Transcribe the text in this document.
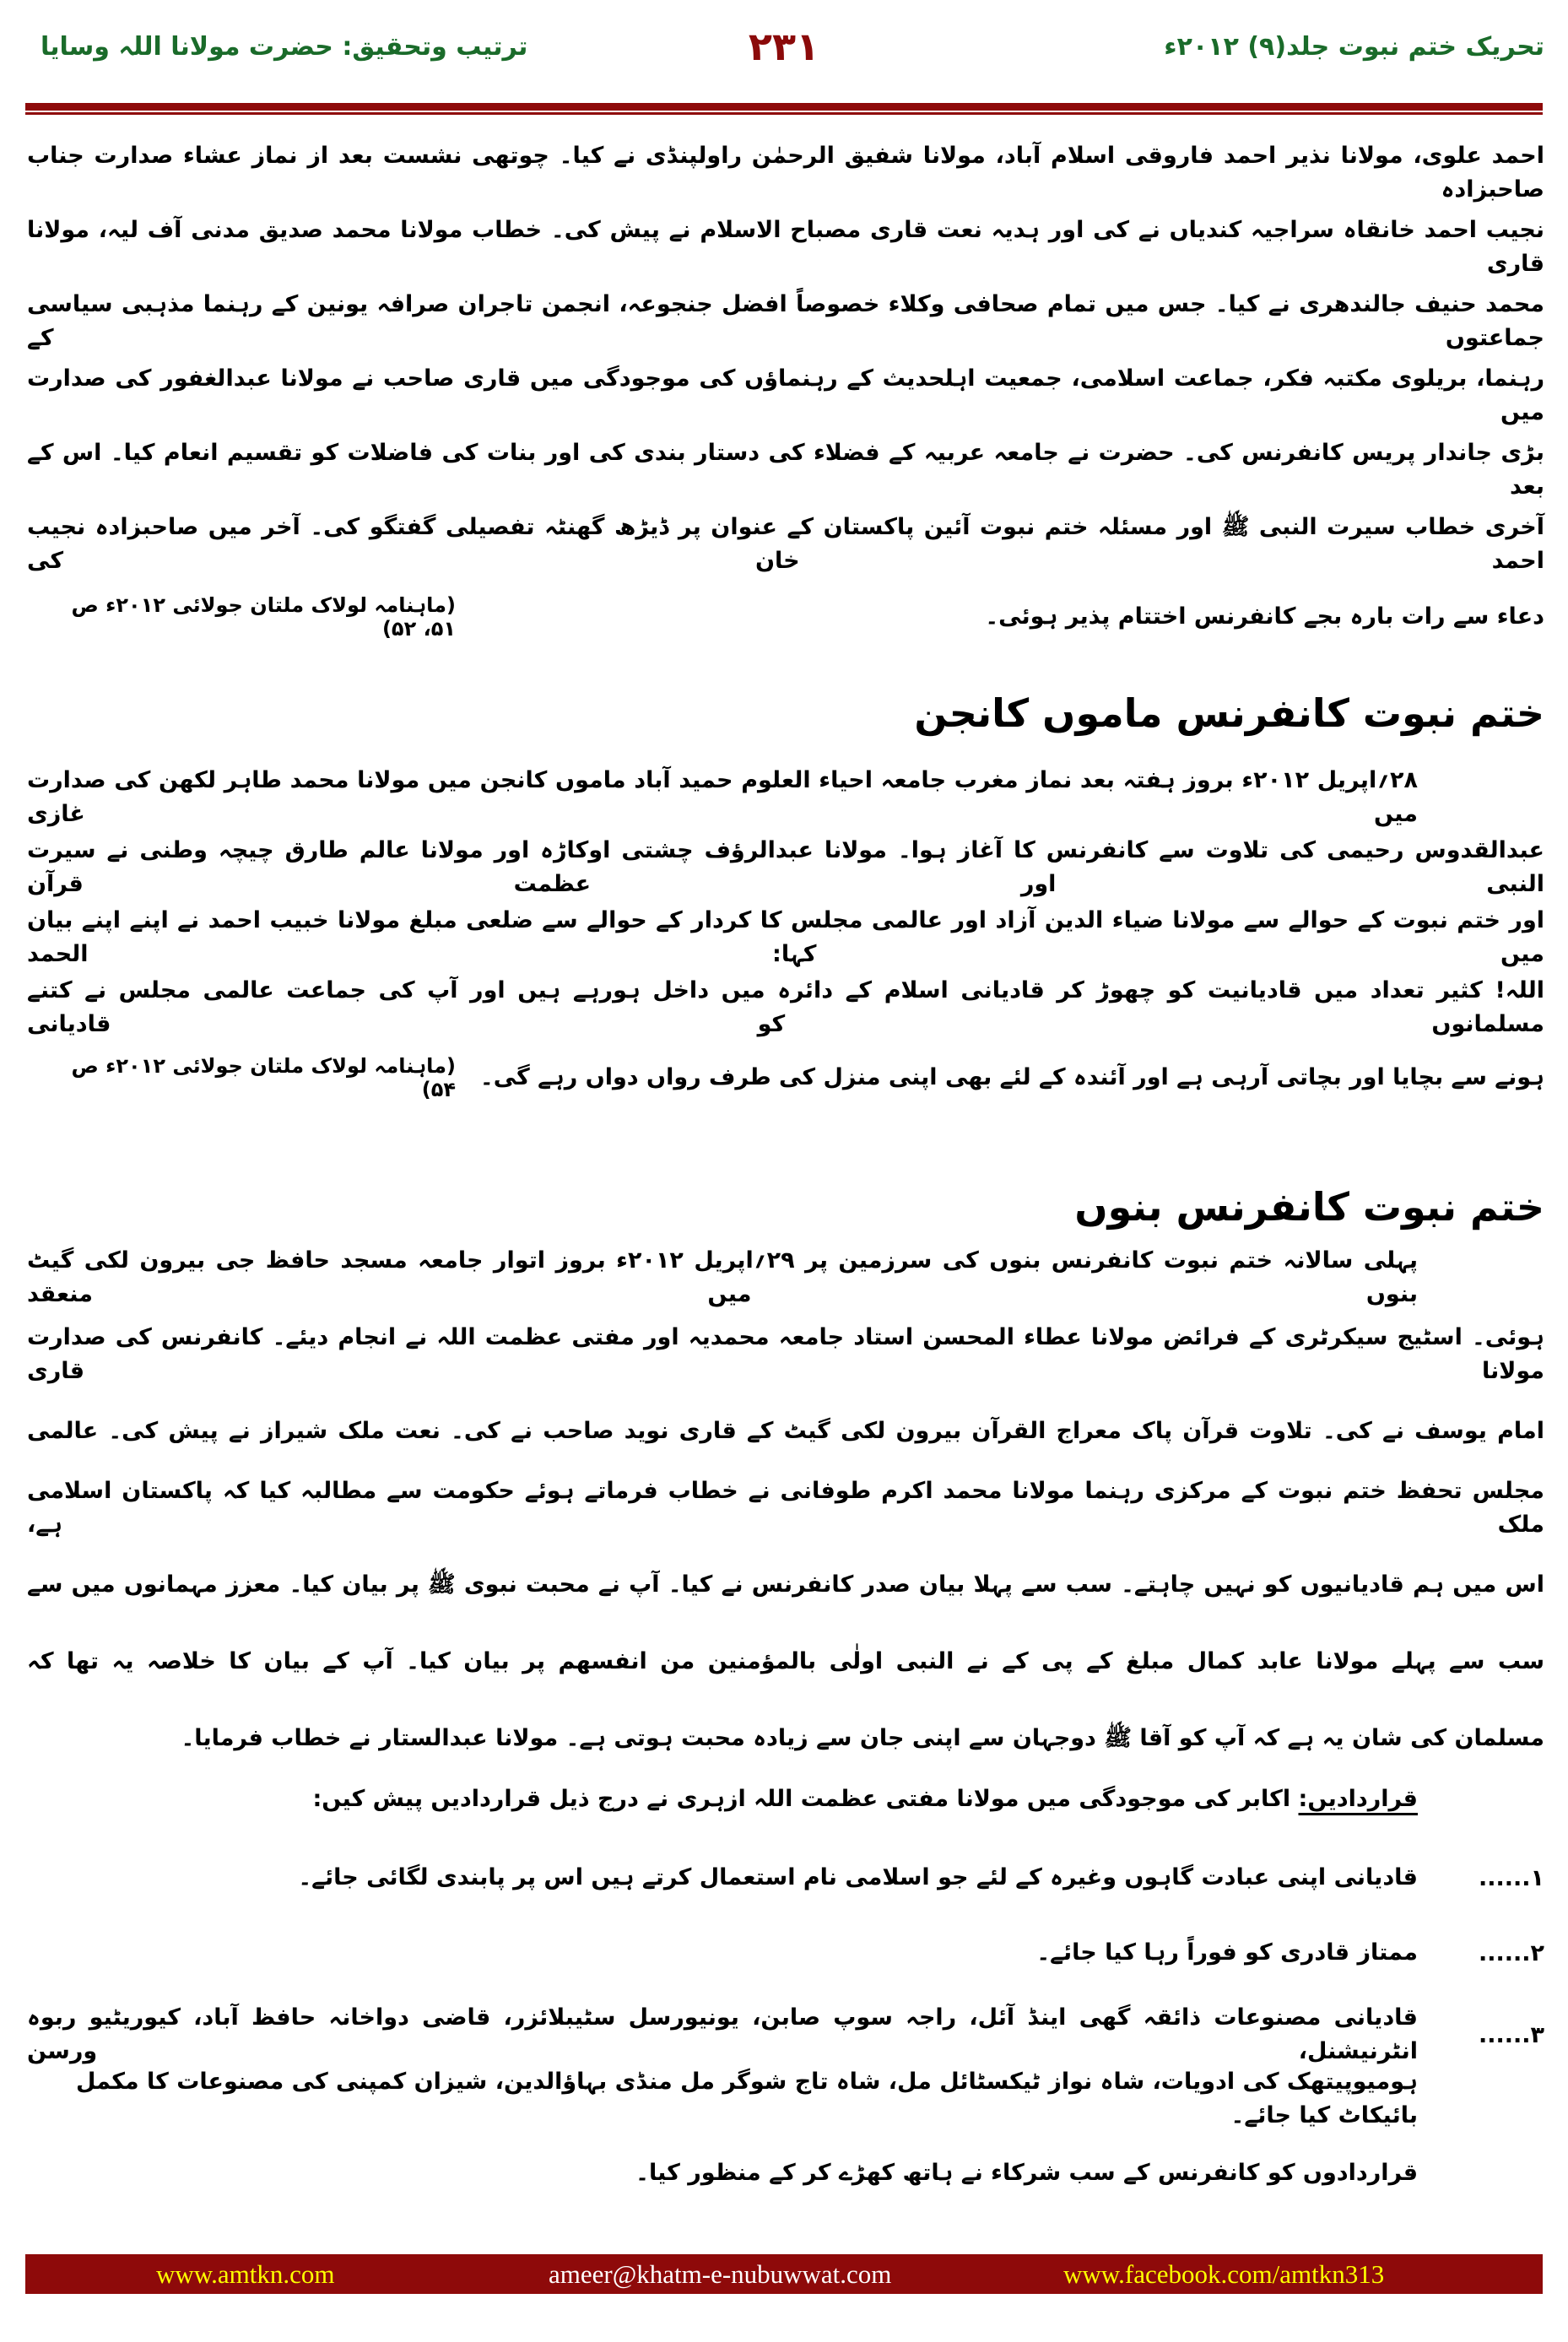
تحریک ختم نبوت جلد(۹) ۲۰۱۲ء
۲۳۱
ترتیب وتحقیق: حضرت مولانا اللہ وسایا
احمد علوی، مولانا نذیر احمد فاروقی اسلام آباد، مولانا شفیق الرحمٰن راولپنڈی نے کیا۔ چوتھی نشست بعد از نماز عشاء صدارت جناب صاحبزادہ
نجیب احمد خانقاہ سراجیہ کندیاں نے کی اور ہدیہ نعت قاری مصباح الاسلام نے پیش کی۔ خطاب مولانا محمد صدیق مدنی آف لیہ، مولانا قاری
محمد حنیف جالندھری نے کیا۔ جس میں تمام صحافی وکلاء خصوصاً افضل جنجوعہ، انجمن تاجران صرافہ یونین کے رہنما مذہبی سیاسی جماعتوں کے
رہنما، بریلوی مکتبہ فکر، جماعت اسلامی، جمعیت اہلحدیث کے رہنماؤں کی موجودگی میں قاری صاحب نے مولانا عبدالغفور کی صدارت میں
بڑی جاندار پریس کانفرنس کی۔ حضرت نے جامعہ عربیہ کے فضلاء کی دستار بندی کی اور بنات کی فاضلات کو تقسیم انعام کیا۔ اس کے بعد
آخری خطاب سیرت النبی ﷺ اور مسئلہ ختم نبوت آئین پاکستان کے عنوان پر ڈیڑھ گھنٹہ تفصیلی گفتگو کی۔ آخر میں صاحبزادہ نجیب احمد خان کی
دعاء سے رات بارہ بجے کانفرنس اختتام پذیر ہوئی۔
(ماہنامہ لولاک ملتان جولائی ۲۰۱۲ء ص ۵۱، ۵۲)
ختم نبوت کانفرنس ماموں کانجن
۲۸؍اپریل ۲۰۱۲ء بروز ہفتہ بعد نماز مغرب جامعہ احیاء العلوم حمید آباد ماموں کانجن میں مولانا محمد طاہر لکھن کی صدارت میں غازی
عبدالقدوس رحیمی کی تلاوت سے کانفرنس کا آغاز ہوا۔ مولانا عبدالرؤف چشتی اوکاڑہ اور مولانا عالم طارق چیچہ وطنی نے سیرت النبی اور عظمت قرآن
اور ختم نبوت کے حوالے سے مولانا ضیاء الدین آزاد اور عالمی مجلس کا کردار کے حوالے سے ضلعی مبلغ مولانا خبیب احمد نے اپنے اپنے بیان میں کہا: الحمد
اللہ! کثیر تعداد میں قادیانیت کو چھوڑ کر قادیانی اسلام کے دائرہ میں داخل ہورہے ہیں اور آپ کی جماعت عالمی مجلس نے کتنے مسلمانوں کو قادیانی
ہونے سے بچایا اور بچاتی آرہی ہے اور آئندہ کے لئے بھی اپنی منزل کی طرف رواں دواں رہے گی۔
(ماہنامہ لولاک ملتان جولائی ۲۰۱۲ء ص ۵۴)
ختم نبوت کانفرنس بنوں
پہلی سالانہ ختم نبوت کانفرنس بنوں کی سرزمین پر ۲۹؍اپریل ۲۰۱۲ء بروز اتوار جامعہ مسجد حافظ جی بیرون لکی گیٹ بنوں میں منعقد
ہوئی۔ اسٹیج سیکرٹری کے فرائض مولانا عطاء المحسن استاد جامعہ محمدیہ اور مفتی عظمت اللہ نے انجام دیئے۔ کانفرنس کی صدارت مولانا قاری
امام یوسف نے کی۔ تلاوت قرآن پاک معراج القرآن بیرون لکی گیٹ کے قاری نوید صاحب نے کی۔ نعت ملک شیراز نے پیش کی۔ عالمی
مجلس تحفظ ختم نبوت کے مرکزی رہنما مولانا محمد اکرم طوفانی نے خطاب فرماتے ہوئے حکومت سے مطالبہ کیا کہ پاکستان اسلامی ملک ہے،
اس میں ہم قادیانیوں کو نہیں چاہتے۔ سب سے پہلا بیان صدر کانفرنس نے کیا۔ آپ نے محبت نبوی ﷺ پر بیان کیا۔ معزز مہمانوں میں سے
سب سے پہلے مولانا عابد کمال مبلغ کے پی کے نے النبی اولٰی بالمؤمنین من انفسھم پر بیان کیا۔ آپ کے بیان کا خلاصہ یہ تھا کہ
مسلمان کی شان یہ ہے کہ آپ کو آقا ﷺ دوجہان سے اپنی جان سے زیادہ محبت ہوتی ہے۔ مولانا عبدالستار نے خطاب فرمایا۔
قراردادیں: اکابر کی موجودگی میں مولانا مفتی عظمت اللہ ازہری نے درج ذیل قراردادیں پیش کیں:
۱......
قادیانی اپنی عبادت گاہوں وغیرہ کے لئے جو اسلامی نام استعمال کرتے ہیں اس پر پابندی لگائی جائے۔
۲......
ممتاز قادری کو فوراً رہا کیا جائے۔
۳......
قادیانی مصنوعات ذائقہ گھی اینڈ آئل، راجہ سوپ صابن، یونیورسل سٹیبلائزر، قاضی دواخانہ حافظ آباد، کیوریٹیو ربوہ انٹرنیشنل، ورسن
ہومیوپیتھک کی ادویات، شاہ نواز ٹیکسٹائل مل، شاہ تاج شوگر مل منڈی بہاؤالدین، شیزان کمپنی کی مصنوعات کا مکمل بائیکاٹ کیا جائے۔
قراردادوں کو کانفرنس کے سب شرکاء نے ہاتھ کھڑے کر کے منظور کیا۔
www.amtkn.com	ameer@khatm-e-nubuwwat.com	www.facebook.com/amtkn313
